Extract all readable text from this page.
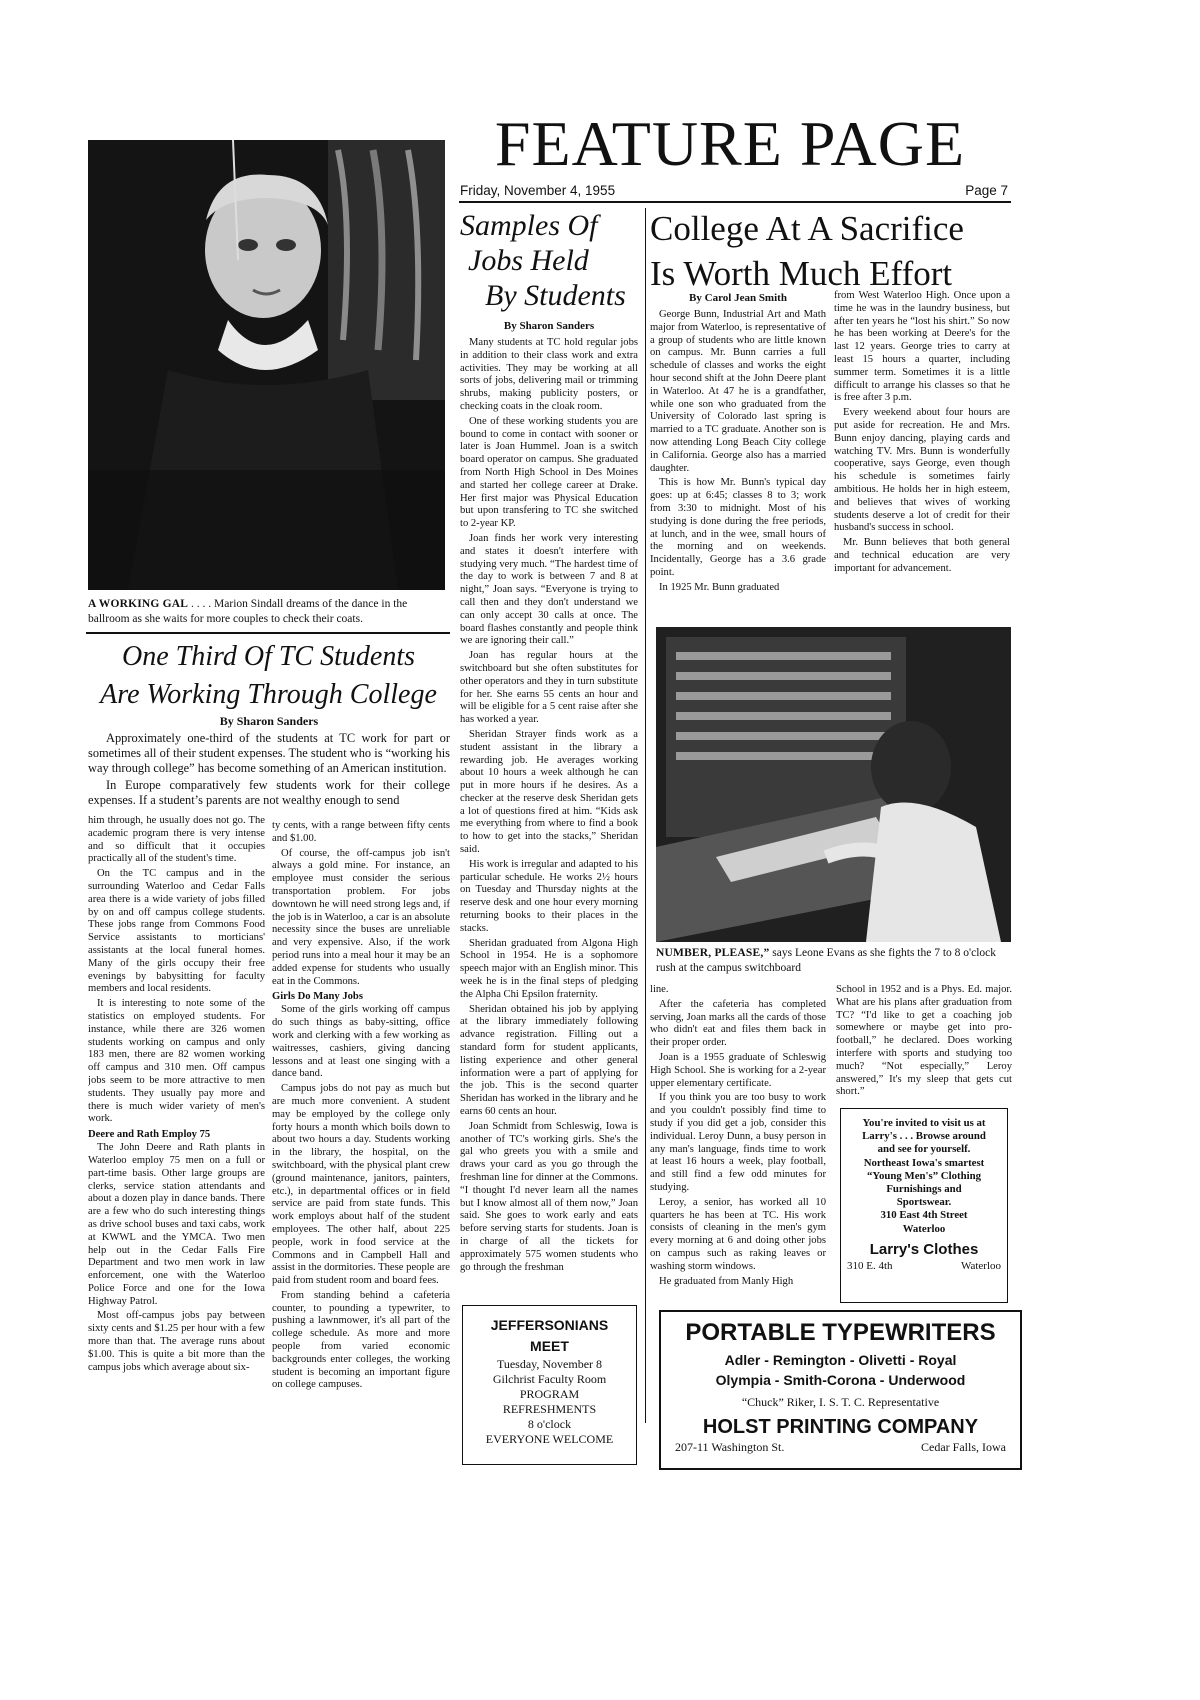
A WORKING GAL . . . . Marion Sindall dreams of the dance in the ballroom as she waits for more couples to check their coats.

FEATURE PAGE
Friday, November 4, 1955	Page 7
Samples Of
Jobs Held
By Students
By Sharon Sanders

Many students at TC hold regular jobs in addition to their class work and extra activities. They may be working at all sorts of jobs, delivering mail or trimming shrubs, making publicity posters, or checking coats in the cloak room.

One of these working students you are bound to come in contact with sooner or later is Joan Hummel. Joan is a switch board operator on campus. She graduated from North High School in Des Moines and started her college career at Drake. Her first major was Physical Education but upon transfering to TC she switched to 2-year KP.

Joan finds her work very interesting and states it doesn't interfere with studying very much. “The hardest time of the day to work is between 7 and 8 at night,” Joan says. “Everyone is trying to call then and they don't understand we can only accept 30 calls at once. The board flashes constantly and people think we are ignoring their call.”

Joan has regular hours at the switchboard but she often substitutes for other operators and they in turn substitute for her. She earns 55 cents an hour and will be eligible for a 5 cent raise after she has worked a year.

Sheridan Strayer finds work as a student assistant in the library a rewarding job. He averages working about 10 hours a week although he can put in more hours if he desires. As a checker at the reserve desk Sheridan gets a lot of questions fired at him. “Kids ask me everything from where to find a book to how to get into the stacks,” Sheridan said.

His work is irregular and adapted to his particular schedule. He works 2½ hours on Tuesday and Thursday nights at the reserve desk and one hour every morning returning books to their places in the stacks.

Sheridan graduated from Algona High School in 1954. He is a sophomore speech major with an English minor. This week he is in the final steps of pledging the Alpha Chi Epsilon fraternity.

Sheridan obtained his job by applying at the library immediately following advance registration. Filling out a standard form for student applicants, listing experience and other general information were a part of applying for the job. This is the second quarter Sheridan has worked in the library and he earns 60 cents an hour.

Joan Schmidt from Schleswig, Iowa is another of TC's working girls. She's the gal who greets you with a smile and draws your card as you go through the freshman line for dinner at the Commons. “I thought I'd never learn all the names but I know almost all of them now,” Joan said. She goes to work early and eats before serving starts for students. Joan is in charge of all the tickets for approximately 575 women students who go through the freshman

College At A Sacrifice
Is Worth Much Effort
By Carol Jean Smith

George Bunn, Industrial Art and Math major from Waterloo, is representative of a group of students who are little known on campus. Mr. Bunn carries a full schedule of classes and works the eight hour second shift at the John Deere plant in Waterloo. At 47 he is a grandfather, while one son who graduated from the University of Colorado last spring is married to a TC graduate. Another son is now attending Long Beach City college in California. George also has a married daughter.

This is how Mr. Bunn's typical day goes: up at 6:45; classes 8 to 3; work from 3:30 to midnight. Most of his studying is done during the free periods, at lunch, and in the wee, small hours of the morning and on weekends. Incidentally, George has a 3.6 grade point.

In 1925 Mr. Bunn graduated

from West Waterloo High. Once upon a time he was in the laundry business, but after ten years he “lost his shirt.” So now he has been working at Deere's for the last 12 years. George tries to carry at least 15 hours a quarter, including summer term. Sometimes it is a little difficult to arrange his classes so that he is free after 3 p.m.

Every weekend about four hours are put aside for recreation. He and Mrs. Bunn enjoy dancing, playing cards and watching TV. Mrs. Bunn is wonderfully cooperative, says George, even though his schedule is sometimes fairly ambitious. He holds her in high esteem, and believes that wives of working students deserve a lot of credit for their husband's success in school.

Mr. Bunn believes that both general and technical education are very important for advancement.

NUMBER, PLEASE,” says Leone Evans as she fights the 7 to 8 o'clock rush at the campus switchboard

line.

After the cafeteria has completed serving, Joan marks all the cards of those who didn't eat and files them back in their proper order.

Joan is a 1955 graduate of Schleswig High School. She is working for a 2-year upper elementary certificate.

If you think you are too busy to work and you couldn't possibly find time to study if you did get a job, consider this individual. Leroy Dunn, a busy person in any man's language, finds time to work at least 16 hours a week, play football, and still find a few odd minutes for studying.

Leroy, a senior, has worked all 10 quarters he has been at TC. His work consists of cleaning in the men's gym every morning at 6 and doing other jobs on campus such as raking leaves or washing storm windows.

He graduated from Manly High

School in 1952 and is a Phys. Ed. major. What are his plans after graduation from TC? “I'd like to get a coaching job somewhere or maybe get into pro-football,” he declared. Does working interfere with sports and studying too much? “Not especially,” Leroy answered,” It's my sleep that gets cut short.”

You're invited to visit us at
Larry's . . . Browse around
and see for yourself.
Northeast Iowa's smartest
“Young Men's” Clothing
Furnishings and
Sportswear.
310 East 4th Street
Waterloo
Larry's Clothes
310 E. 4th	Waterloo
JEFFERSONIANS
MEET
Tuesday, November 8
Gilchrist Faculty Room
PROGRAM
REFRESHMENTS
8 o'clock
EVERYONE WELCOME
PORTABLE TYPEWRITERS
Adler - Remington - Olivetti - Royal
Olympia - Smith-Corona - Underwood
“Chuck” Riker, I. S. T. C. Representative
HOLST PRINTING COMPANY
207-11 Washington St.	Cedar Falls, Iowa
One Third Of TC Students
Are Working Through College
By Sharon Sanders

Approximately one-third of the students at TC work for part or sometimes all of their student expenses. The student who is “working his way through college” has become something of an American institution.

In Europe comparatively few students work for their college expenses. If a student’s parents are not wealthy enough to send

him through, he usually does not go. The academic program there is very intense and so difficult that it occupies practically all of the student's time.

On the TC campus and in the surrounding Waterloo and Cedar Falls area there is a wide variety of jobs filled by on and off campus college students. These jobs range from Commons Food Service assistants to morticians' assistants at the local funeral homes. Many of the girls occupy their free evenings by babysitting for faculty members and local residents.

It is interesting to note some of the statistics on employed students. For instance, while there are 326 women students working on campus and only 183 men, there are 82 women working off campus and 310 men. Off campus jobs seem to be more attractive to men students. They usually pay more and there is much wider variety of men's work.

Deere and Rath Employ 75

The John Deere and Rath plants in Waterloo employ 75 men on a full or part-time basis. Other large groups are clerks, service station attendants and about a dozen play in dance bands. There are a few who do such interesting things as drive school buses and taxi cabs, work at KWWL and the YMCA. Two men help out in the Cedar Falls Fire Department and two men work in law enforcement, one with the Waterloo Police Force and one for the Iowa Highway Patrol.

Most off-campus jobs pay between sixty cents and $1.25 per hour with a few more than that. The average runs about $1.00. This is quite a bit more than the campus jobs which average about six-

ty cents, with a range between fifty cents and $1.00.

Of course, the off-campus job isn't always a gold mine. For instance, an employee must consider the serious transportation problem. For jobs downtown he will need strong legs and, if the job is in Waterloo, a car is an absolute necessity since the buses are unreliable and very expensive. Also, if the work period runs into a meal hour it may be an added expense for students who usually eat in the Commons.

Girls Do Many Jobs

Some of the girls working off campus do such things as baby-sitting, office work and clerking with a few working as waitresses, cashiers, giving dancing lessons and at least one singing with a dance band.

Campus jobs do not pay as much but are much more convenient. A student may be employed by the college only forty hours a month which boils down to about two hours a day. Students working in the library, the hospital, on the switchboard, with the physical plant crew (ground maintenance, janitors, painters, etc.), in departmental offices or in field service are paid from state funds. This work employs about half of the student employees. The other half, about 225 people, work in food service at the Commons and in Campbell Hall and assist in the dormitories. These people are paid from student room and board fees.

From standing behind a cafeteria counter, to pounding a typewriter, to pushing a lawnmower, it's all part of the college schedule. As more and more people from varied economic backgrounds enter colleges, the working student is becoming an important figure on college campuses.
